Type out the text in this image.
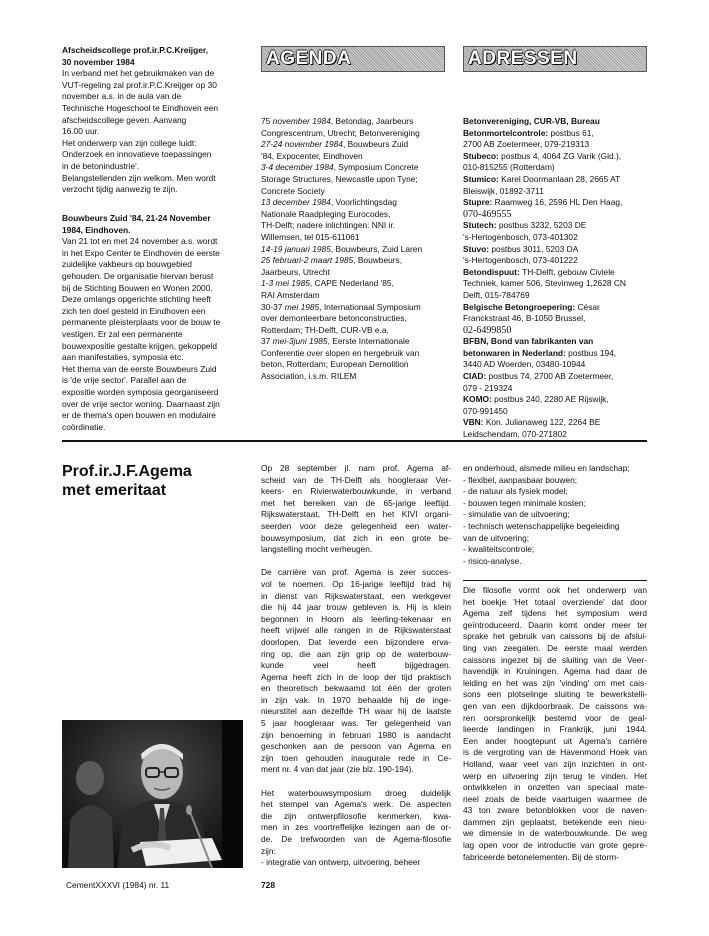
Afscheidscollege prof.ir.P.C.Kreijger,
30 november 1984
In verband met het gebruikmaken van de
VUT-regeling zal prof.ir.P.C.Kreijger op 30
november a.s. in de aula van de
Technische Hogeschool te Eindhoven een
afscheidscollege geven. Aanvang
16.00 uur.
Het onderwerp van zijn college luidt:
Onderzoek en innovatieve toepassingen
in de betonindustrie'.
Belangstellenden zijn welkom. Men wordt
verzocht tijdig aanwezig te zijn.
Bouwbeurs Zuid '84, 21-24 November
1984, Eindhoven.
Van 21 tot en met 24 november a.s. wordt
in het Expo Center te Eindhoven de eerste
zuidelijke vakbeurs op bouwgebied
gehouden. De organisatie hiervan berust
bij de Stichting Bouwen en Wonen 2000.
Deze omlangs opgerichte stichting heeft
zich ten doel gesteld in Eindhoven een
permanente pleisterplaats voor de bouw te
vestigen. Er zal een permanente
bouwexpositie gestalte krijgen, gekoppeld
aan manifestaties, symposia etc.
Het thema van de eerste Bouwbeurs Zuid
is 'de vrije sector'. Parallel aan de
expositie worden symposia georganiseerd
over de vrije sector woning. Daarnaast zijn
er de thema's open bouwen en modulaire
coördinatie.
AGENDA
75 november 1984, Betondag, Jaarbeurs
Congrescentrum, Utrecht; Betonvereniging
27-24 november 1984, Bouwbeurs Zuid
'84, Expocenter, Eindhoven
3-4 december 1984, Symposium Concrete
Storage Structures, Newcastle upon Tyne;
Concrete Society
13 december 1984, Voorlichtingsdag
Nationale Raadpleging Eurocodes,
TH-Delft; nadere inlichtingen: NNI ir.
Willemsen, tel 015-611061
14-19 januari 1985, Bouwbeurs, Zuid Laren
25 februari-2 maart 1985, Bouwbeurs,
Jaarbeurs, Utrecht
1-3 mei 1985, CAPE Nederland '85,
RAI Amsterdam
30-37 mei 1985, Internationaal Symposium
over demonteerbare betonconstructies,
Rotterdam; TH-Delft, CUR-VB e.a.
37 mei-3juni 1985, Eerste Internationale
Conferentie over slopen en hergebruik van
beton, Rotterdam; European Demolition
Association, i.s.m. RILEM
ADRESSEN
Betonvereniging, CUR-VB, Bureau
Betonmortelcontrole: postbus 61,
2700 AB Zoetermeer, 079-219313
Stubeco: postbus 4, 4064 ZG Varik (Gld.),
010-815255 (Rotterdam)
Stumico: Karel Doormanlaan 28, 2665 AT
Bleiswijk, 01892-3711
Stupre: Raamweg 16, 2596 HL Den Haag,
070-469555
Stutech: postbus 3232, 5203 DE
's-Hertogenbosch, 073-401302
Stuvo: postbus 3011, 5203 DA
's-Hertogenbosch, 073-401222
Betondispuut: TH-Delft, gebouw Civiele
Techniek, kamer 506, Stevinweg 1,2628 CN
Delft, 015-784769
Belgische Betongroepering: César
Franckstraat 46, B-1050 Brussel,
02-6499850
BFBN, Bond van fabrikanten van
betonwaren in Nederland: postbus 194,
3440 AD Woerden, 03480-10944
CIAD: postbus 74, 2700 AB Zoetermeer,
079 - 219324
KOMO: postbus 240, 2280 AE Rijswijk,
070-991450
VBN: Kon. Julianaweg 122, 2264 BE
Leidschendam, 070-271802
Prof.ir.J.F.Agema
met emeritaat
Op 28 september jl. nam prof. Agema af-
scheid van de TH-Delft als hoogleraar Ver-
keers- en Rivierwaterbouwkunde, in verband
met het bereiken van de 65-jarige leeftijd.
Rijkswaterstaat, TH-Delft en het KIVI organi-
seerden voor deze gelegenheid een water-
bouwsymposium, dat zich in een grote be-
langstelling mocht verheugen.
De carrière van prof. Agema is zeer succes-
vol te noemen. Op 16-jarige leeftijd trad hij
in dienst van Rijkswaterstaat, een werkgever
die hij 44 jaar trouw gebleven is. Hij is klein
begonnen in Hoorn als leerling-tekenaar en
heeft vrijwel alle rangen in de Rijkswaterstaat
doorlopen. Dat leverde een bijzondere erva-
ring op, die aan zijn grip op de waterbouw-
kunde veel heeft bijgedragen.
Agema heeft zich in de loop der tijd praktisch
en theoretisch bekwaamd tot één der groten
in zijn vak. In 1970 behaalde hij de inge-
nieurstitel aan dezelfde TH waar hij de laatste
5 jaar hoogleraar was. Ter gelegenheid van
zijn benoeming in februari 1980 is aandacht
geschonken aan de persoon van Agema en
zijn toen gehouden inaugurale rede in Ce-
ment nr. 4 van dat jaar (zie blz. 190-194).
Het waterbouwsymposium droeg duidelijk
het stempel van Agema's werk. De aspecten
die zijn ontwerpfilosofie kenmerken, kwa-
men in zes voortreffelijke lezingen aan de or-
de. De trefwoorden van de Agema-filosofie
zijn:
- integratie van ontwerp, uitvoering, beheer
en onderhoud, alsmede milieu en landschap;
- flexibel, aanpasbaar bouwen;
- de natuur als fysiek model;
- bouwen tegen minimale kosten;
- simulatie van de uitvoering;
- technisch wetenschappelijke begeleiding
van de uitvoering;
- kwaliteitscontrole;
- risico-analyse.
Die filosofie vormt ook het onderwerp van
het boekje 'Het totaal overziende' dat door
Agema zelf tijdens het symposium werd
geïntroduceerd. Daarin komt onder meer ter
sprake het gebruik van caissons bij de afslui-
ting van zeegaten. De eerste maal werden
caissons ingezet bij de sluiting van de Veer-
havendijk in Kruiningen. Agema had daar de
leiding en het was zijn 'vinding' om met cais-
sons een plotselinge sluiting te bewerkstelli-
gen van een dijkdoorbraak. De caissons wa-
ren oorspronkelijk bestemd voor de geal-
lieerde landingen in Frankrijk, juni 1944.
Een ander hoogtepunt uit Agema's carrière
is de vergroting van de Havenmond Hoek van
Holland, waar veel van zijn inzichten in ont-
werp en uitvoering zijn terug te vinden. Het
ontwikkelen in onzetten van speciaal mate-
rieel zoals de beide vaartuigen waarmee de
43 ton zware betonblokken voor de naven-
dammen zijn geplaatst, betekende een nieu-
we dimensie in de waterbouwkunde. De weg
lag open voor de introductie van grote gepre-
fabriceerde betonelementen. Bij de storm-
CementXXXVI (1984) nr. 11	728
